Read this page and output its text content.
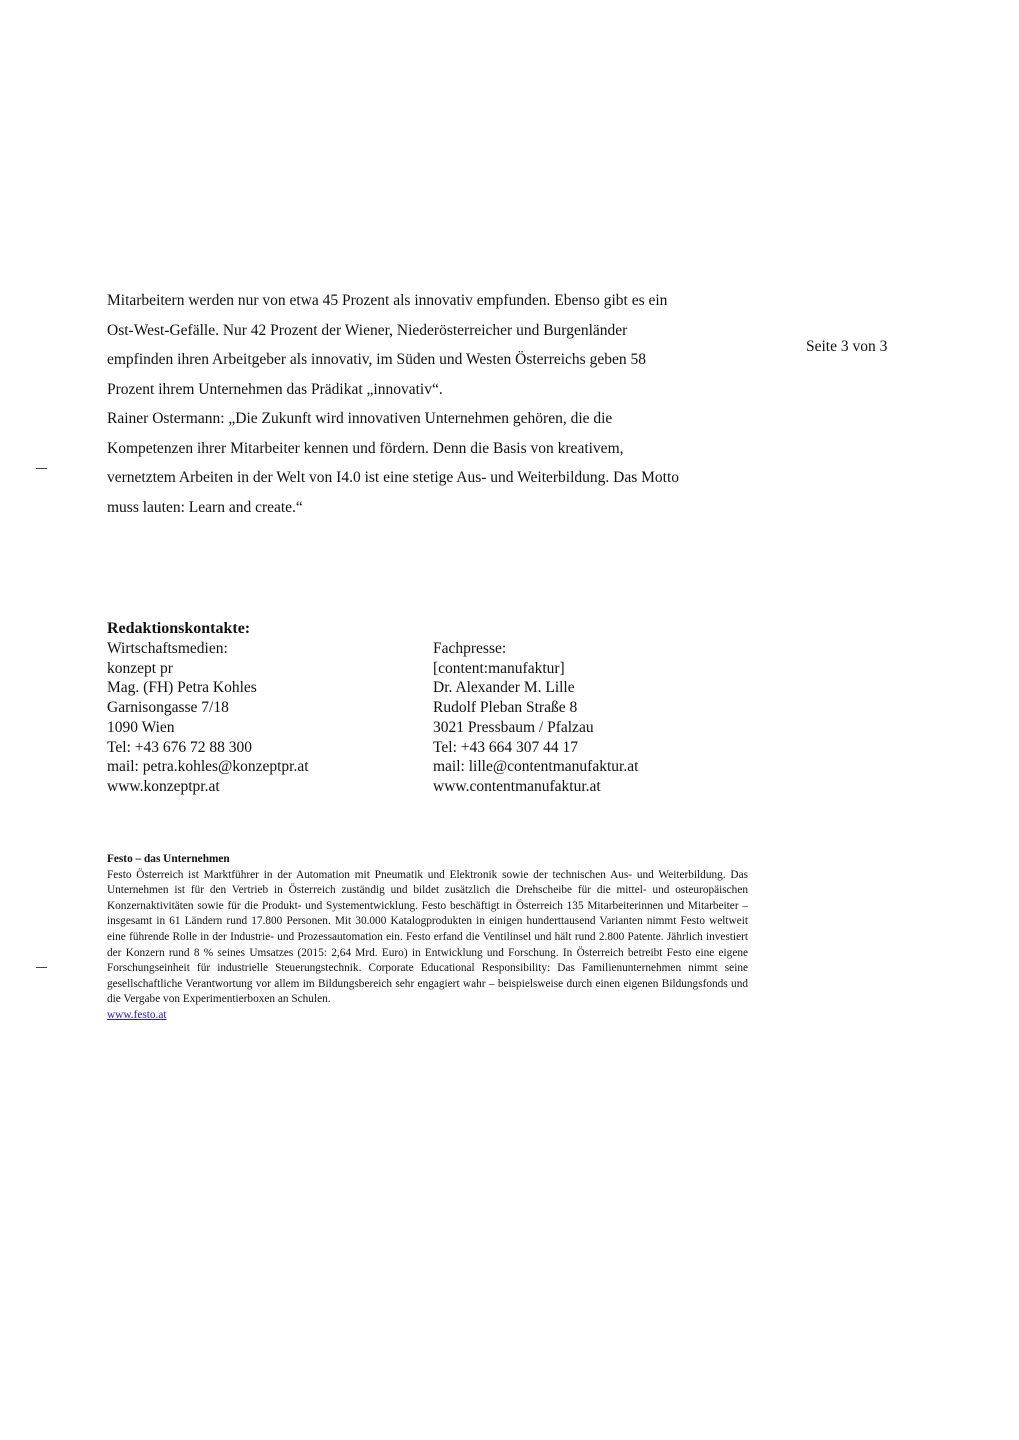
Seite 3 von 3
Mitarbeitern werden nur von etwa 45 Prozent als innovativ empfunden. Ebenso gibt es ein
Ost-West-Gefälle. Nur 42 Prozent der Wiener, Niederösterreicher und Burgenländer
empfinden ihren Arbeitgeber als innovativ, im Süden und Westen Österreichs geben 58
Prozent ihrem Unternehmen das Prädikat „innovativ“.
Rainer Ostermann: „Die Zukunft wird innovativen Unternehmen gehören, die die
Kompetenzen ihrer Mitarbeiter kennen und fördern. Denn die Basis von kreativem,
vernetztem Arbeiten in der Welt von I4.0 ist eine stetige Aus- und Weiterbildung. Das Motto
muss lauten: Learn and create.“
Redaktionskontakte:
Wirtschaftsmedien:
konzept pr
Mag. (FH) Petra Kohles
Garnisongasse 7/18
1090 Wien
Tel: +43 676 72 88 300
mail: petra.kohles@konzeptpr.at
www.konzeptpr.at
Fachpresse:
[content:manufaktur]
Dr. Alexander M. Lille
Rudolf Pleban Straße 8
3021 Pressbaum / Pfalzau
Tel: +43 664 307 44 17
mail: lille@contentmanufaktur.at
www.contentmanufaktur.at
Festo – das Unternehmen
Festo Österreich ist Marktführer in der Automation mit Pneumatik und Elektronik sowie der technischen Aus- und Weiterbildung. Das Unternehmen ist für den Vertrieb in Österreich zuständig und bildet zusätzlich die Drehscheibe für die mittel- und osteuropäischen Konzernaktivitäten sowie für die Produkt- und Systementwicklung. Festo beschäftigt in Österreich 135 Mitarbeiterinnen und Mitarbeiter – insgesamt in 61 Ländern rund 17.800 Personen. Mit 30.000 Katalogprodukten in einigen hunderttausend Varianten nimmt Festo weltweit eine führende Rolle in der Industrie- und Prozessautomation ein. Festo erfand die Ventilinsel und hält rund 2.800 Patente. Jährlich investiert der Konzern rund 8 % seines Umsatzes (2015: 2,64 Mrd. Euro) in Entwicklung und Forschung. In Österreich betreibt Festo eine eigene Forschungseinheit für industrielle Steuerungstechnik. Corporate Educational Responsibility: Das Familienunternehmen nimmt seine gesellschaftliche Verantwortung vor allem im Bildungsbereich sehr engagiert wahr – beispielsweise durch einen eigenen Bildungsfonds und die Vergabe von Experimentierboxen an Schulen.
www.festo.at
